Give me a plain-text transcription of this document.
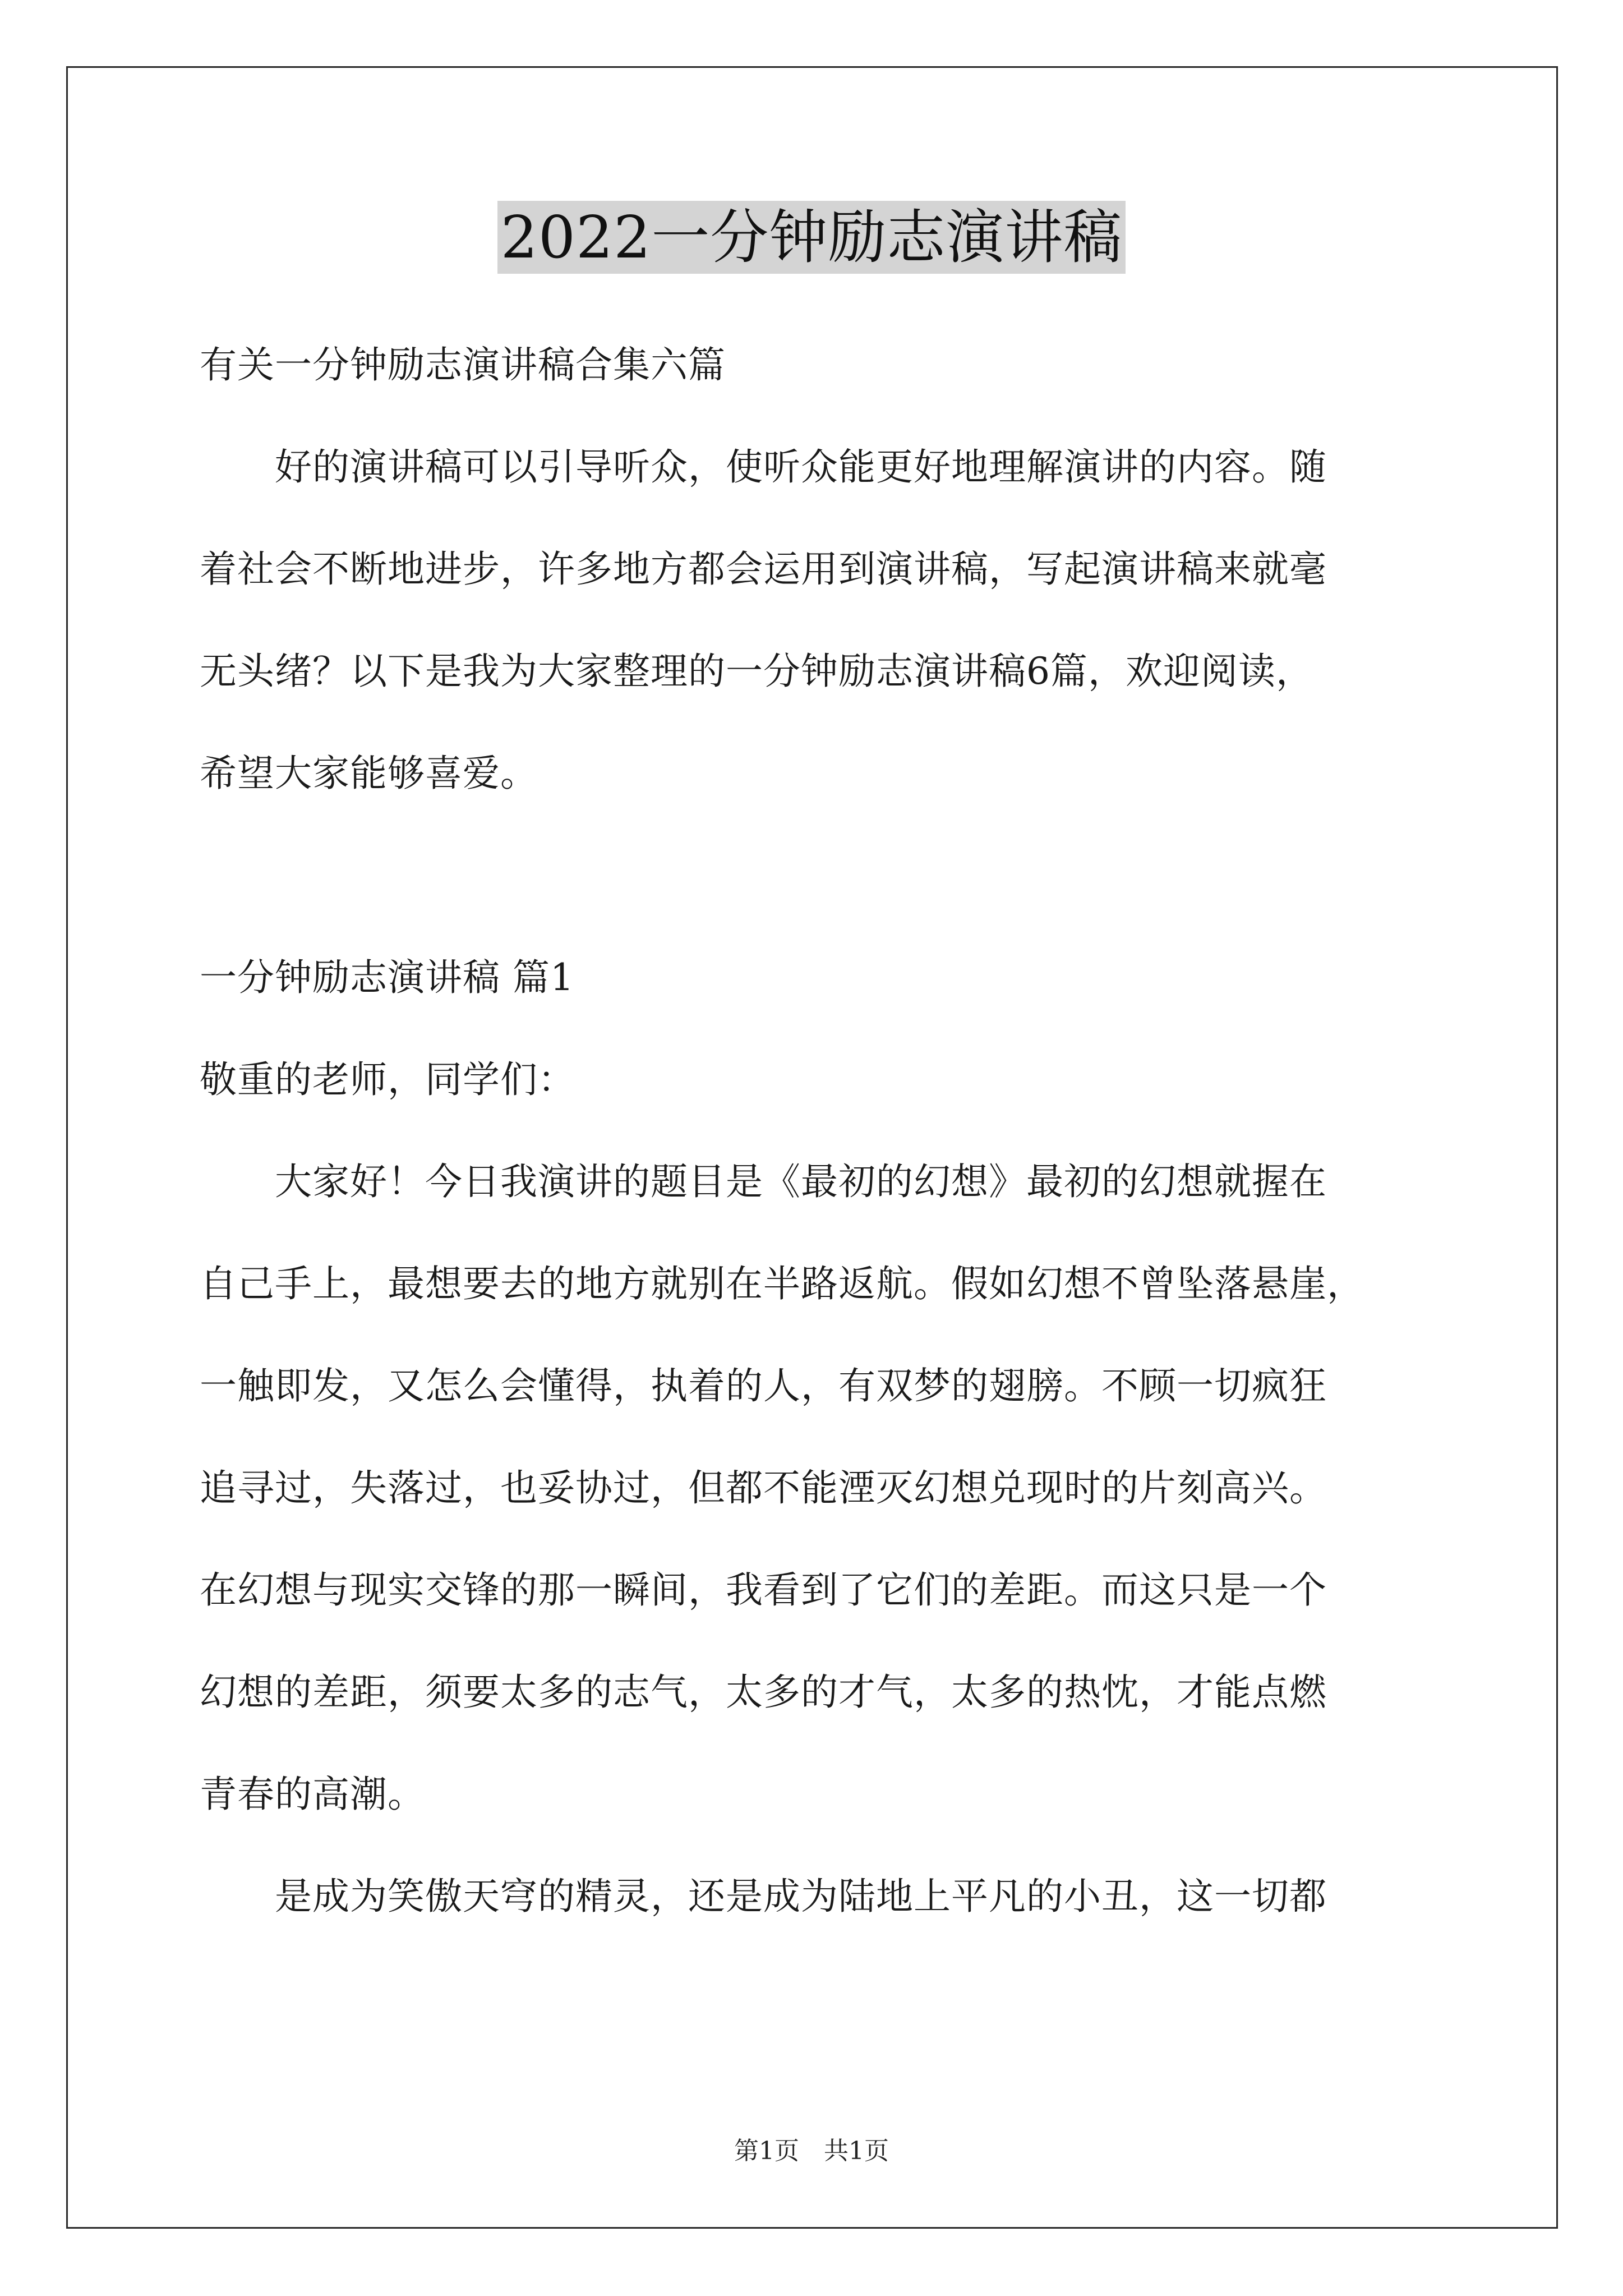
2022一分钟励志演讲稿
有关一分钟励志演讲稿合集六篇
　　好的演讲稿可以引导听众，使听众能更好地理解演讲的内容。随
着社会不断地进步，许多地方都会运用到演讲稿，写起演讲稿来就毫
无头绪？以下是我为大家整理的一分钟励志演讲稿6篇，欢迎阅读，
希望大家能够喜爱。
一分钟励志演讲稿 篇1
敬重的老师，同学们：
　　大家好！今日我演讲的题目是《最初的幻想》最初的幻想就握在
自己手上，最想要去的地方就别在半路返航。假如幻想不曾坠落悬崖，
一触即发，又怎么会懂得，执着的人，有双梦的翅膀。不顾一切疯狂
追寻过，失落过，也妥协过，但都不能湮灭幻想兑现时的片刻高兴。
在幻想与现实交锋的那一瞬间，我看到了它们的差距。而这只是一个
幻想的差距，须要太多的志气，太多的才气，太多的热忱，才能点燃
青春的高潮。
　　是成为笑傲天穹的精灵，还是成为陆地上平凡的小丑，这一切都
第1页 共1页
